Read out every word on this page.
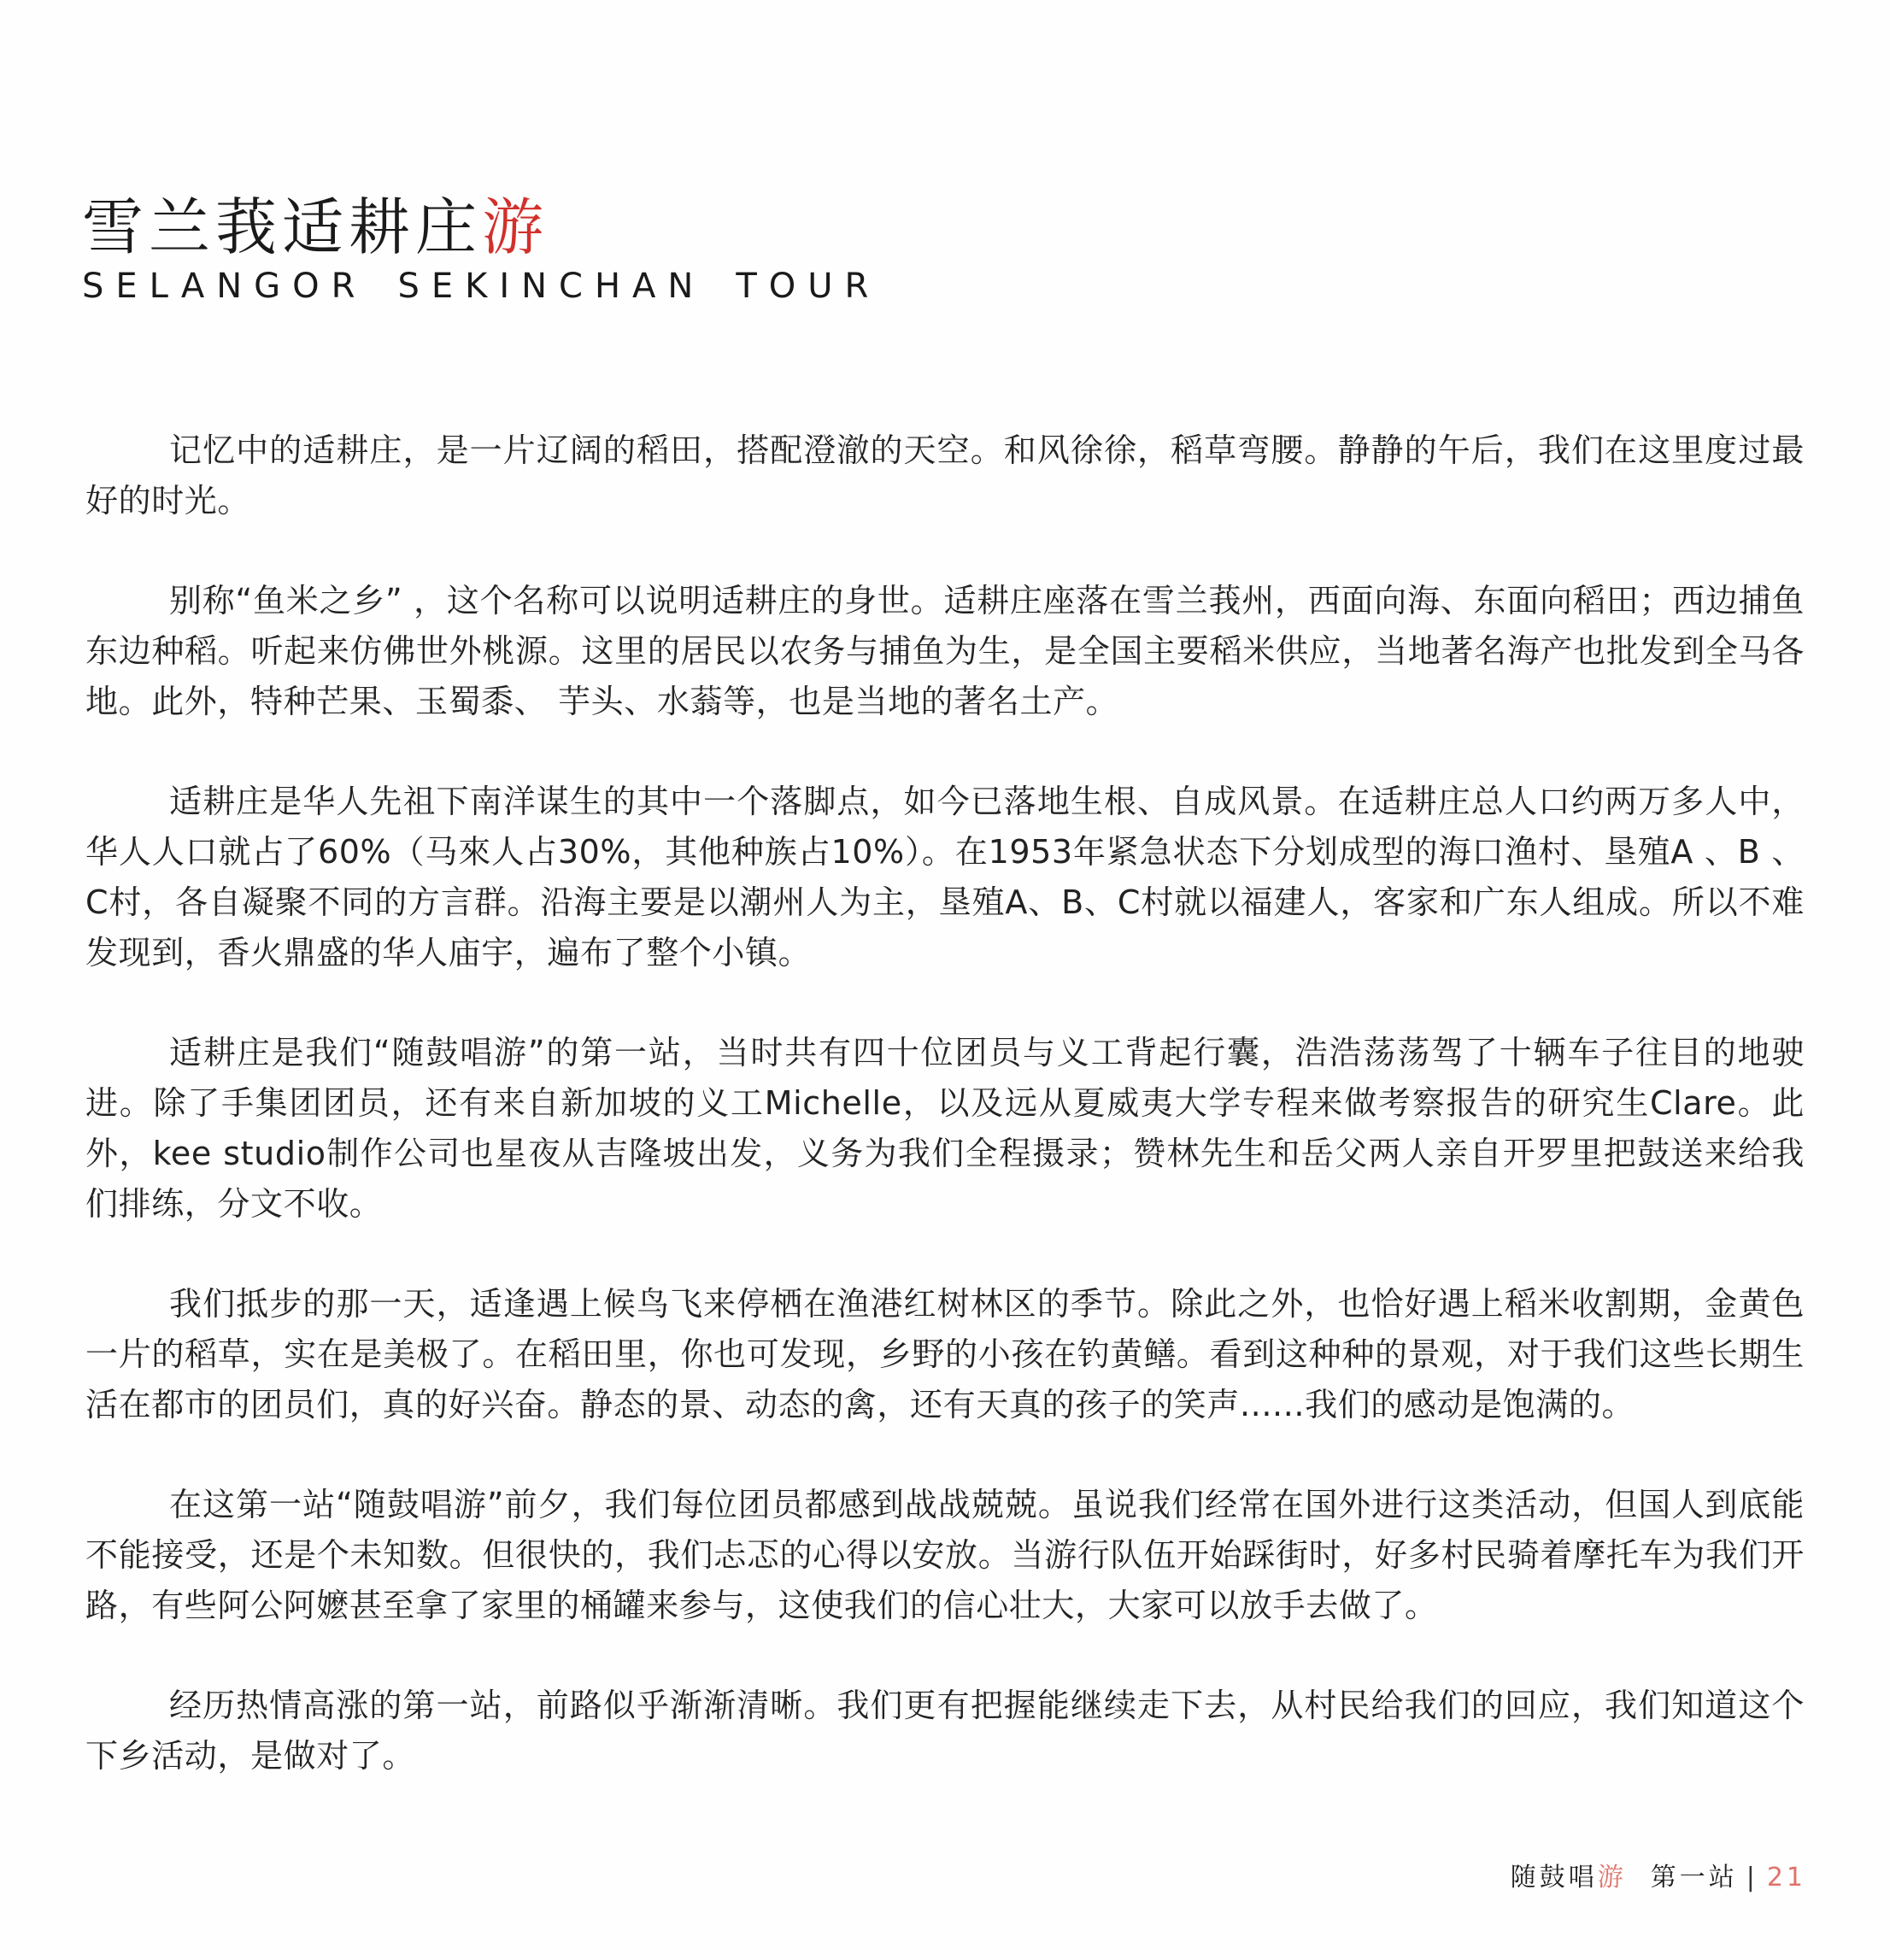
雪兰莪适耕庄游
SELANGOR SEKINCHAN TOUR

记忆中的适耕庄，是一片辽阔的稻田，搭配澄澈的天空。和风徐徐，稻草弯腰。静静的午后，我们在这里度过最好的时光。

别称“鱼米之乡” ，这个名称可以说明适耕庄的身世。适耕庄座落在雪兰莪州，西面向海、东面向稻田；西边捕鱼东边种稻。听起来仿佛世外桃源。这里的居民以农务与捕鱼为生，是全国主要稻米供应，当地著名海产也批发到全马各地。此外，特种芒果、玉蜀黍、 芋头、水蓊等，也是当地的著名土产。

适耕庄是华人先祖下南洋谋生的其中一个落脚点，如今已落地生根、自成风景。在适耕庄总人口约两万多人中，华人人口就占了60%（马來人占30%，其他种族占10%）。在1953年紧急状态下分划成型的海口渔村、垦殖A 、B 、C村，各自凝聚不同的方言群。沿海主要是以潮州人为主，垦殖A、B、C村就以福建人，客家和广东人组成。所以不难发现到，香火鼎盛的华人庙宇，遍布了整个小镇。

适耕庄是我们“随鼓唱游”的第一站，当时共有四十位团员与义工背起行囊，浩浩荡荡驾了十辆车子往目的地驶进。除了手集团团员，还有来自新加坡的义工Michelle，以及远从夏威夷大学专程来做考察报告的研究生Clare。此外，kee studio制作公司也星夜从吉隆坡出发，义务为我们全程摄录；赞林先生和岳父两人亲自开罗里把鼓送来给我们排练，分文不收。

我们抵步的那一天，适逢遇上候鸟飞来停栖在渔港红树林区的季节。除此之外，也恰好遇上稻米收割期，金黄色一片的稻草，实在是美极了。在稻田里，你也可发现，乡野的小孩在钓黄鳝。看到这种种的景观，对于我们这些长期生活在都市的团员们，真的好兴奋。静态的景、动态的禽，还有天真的孩子的笑声......我们的感动是饱满的。

在这第一站“随鼓唱游”前夕，我们每位团员都感到战战兢兢。虽说我们经常在国外进行这类活动，但国人到底能不能接受，还是个未知数。但很快的，我们忐忑的心得以安放。当游行队伍开始踩街时，好多村民骑着摩托车为我们开路，有些阿公阿嬷甚至拿了家里的桶罐来参与，这使我们的信心壮大，大家可以放手去做了。

经历热情高涨的第一站，前路似乎渐渐清晰。我们更有把握能继续走下去，从村民给我们的回应，我们知道这个下乡活动，是做对了。

随鼓唱游 第一站 | 21
